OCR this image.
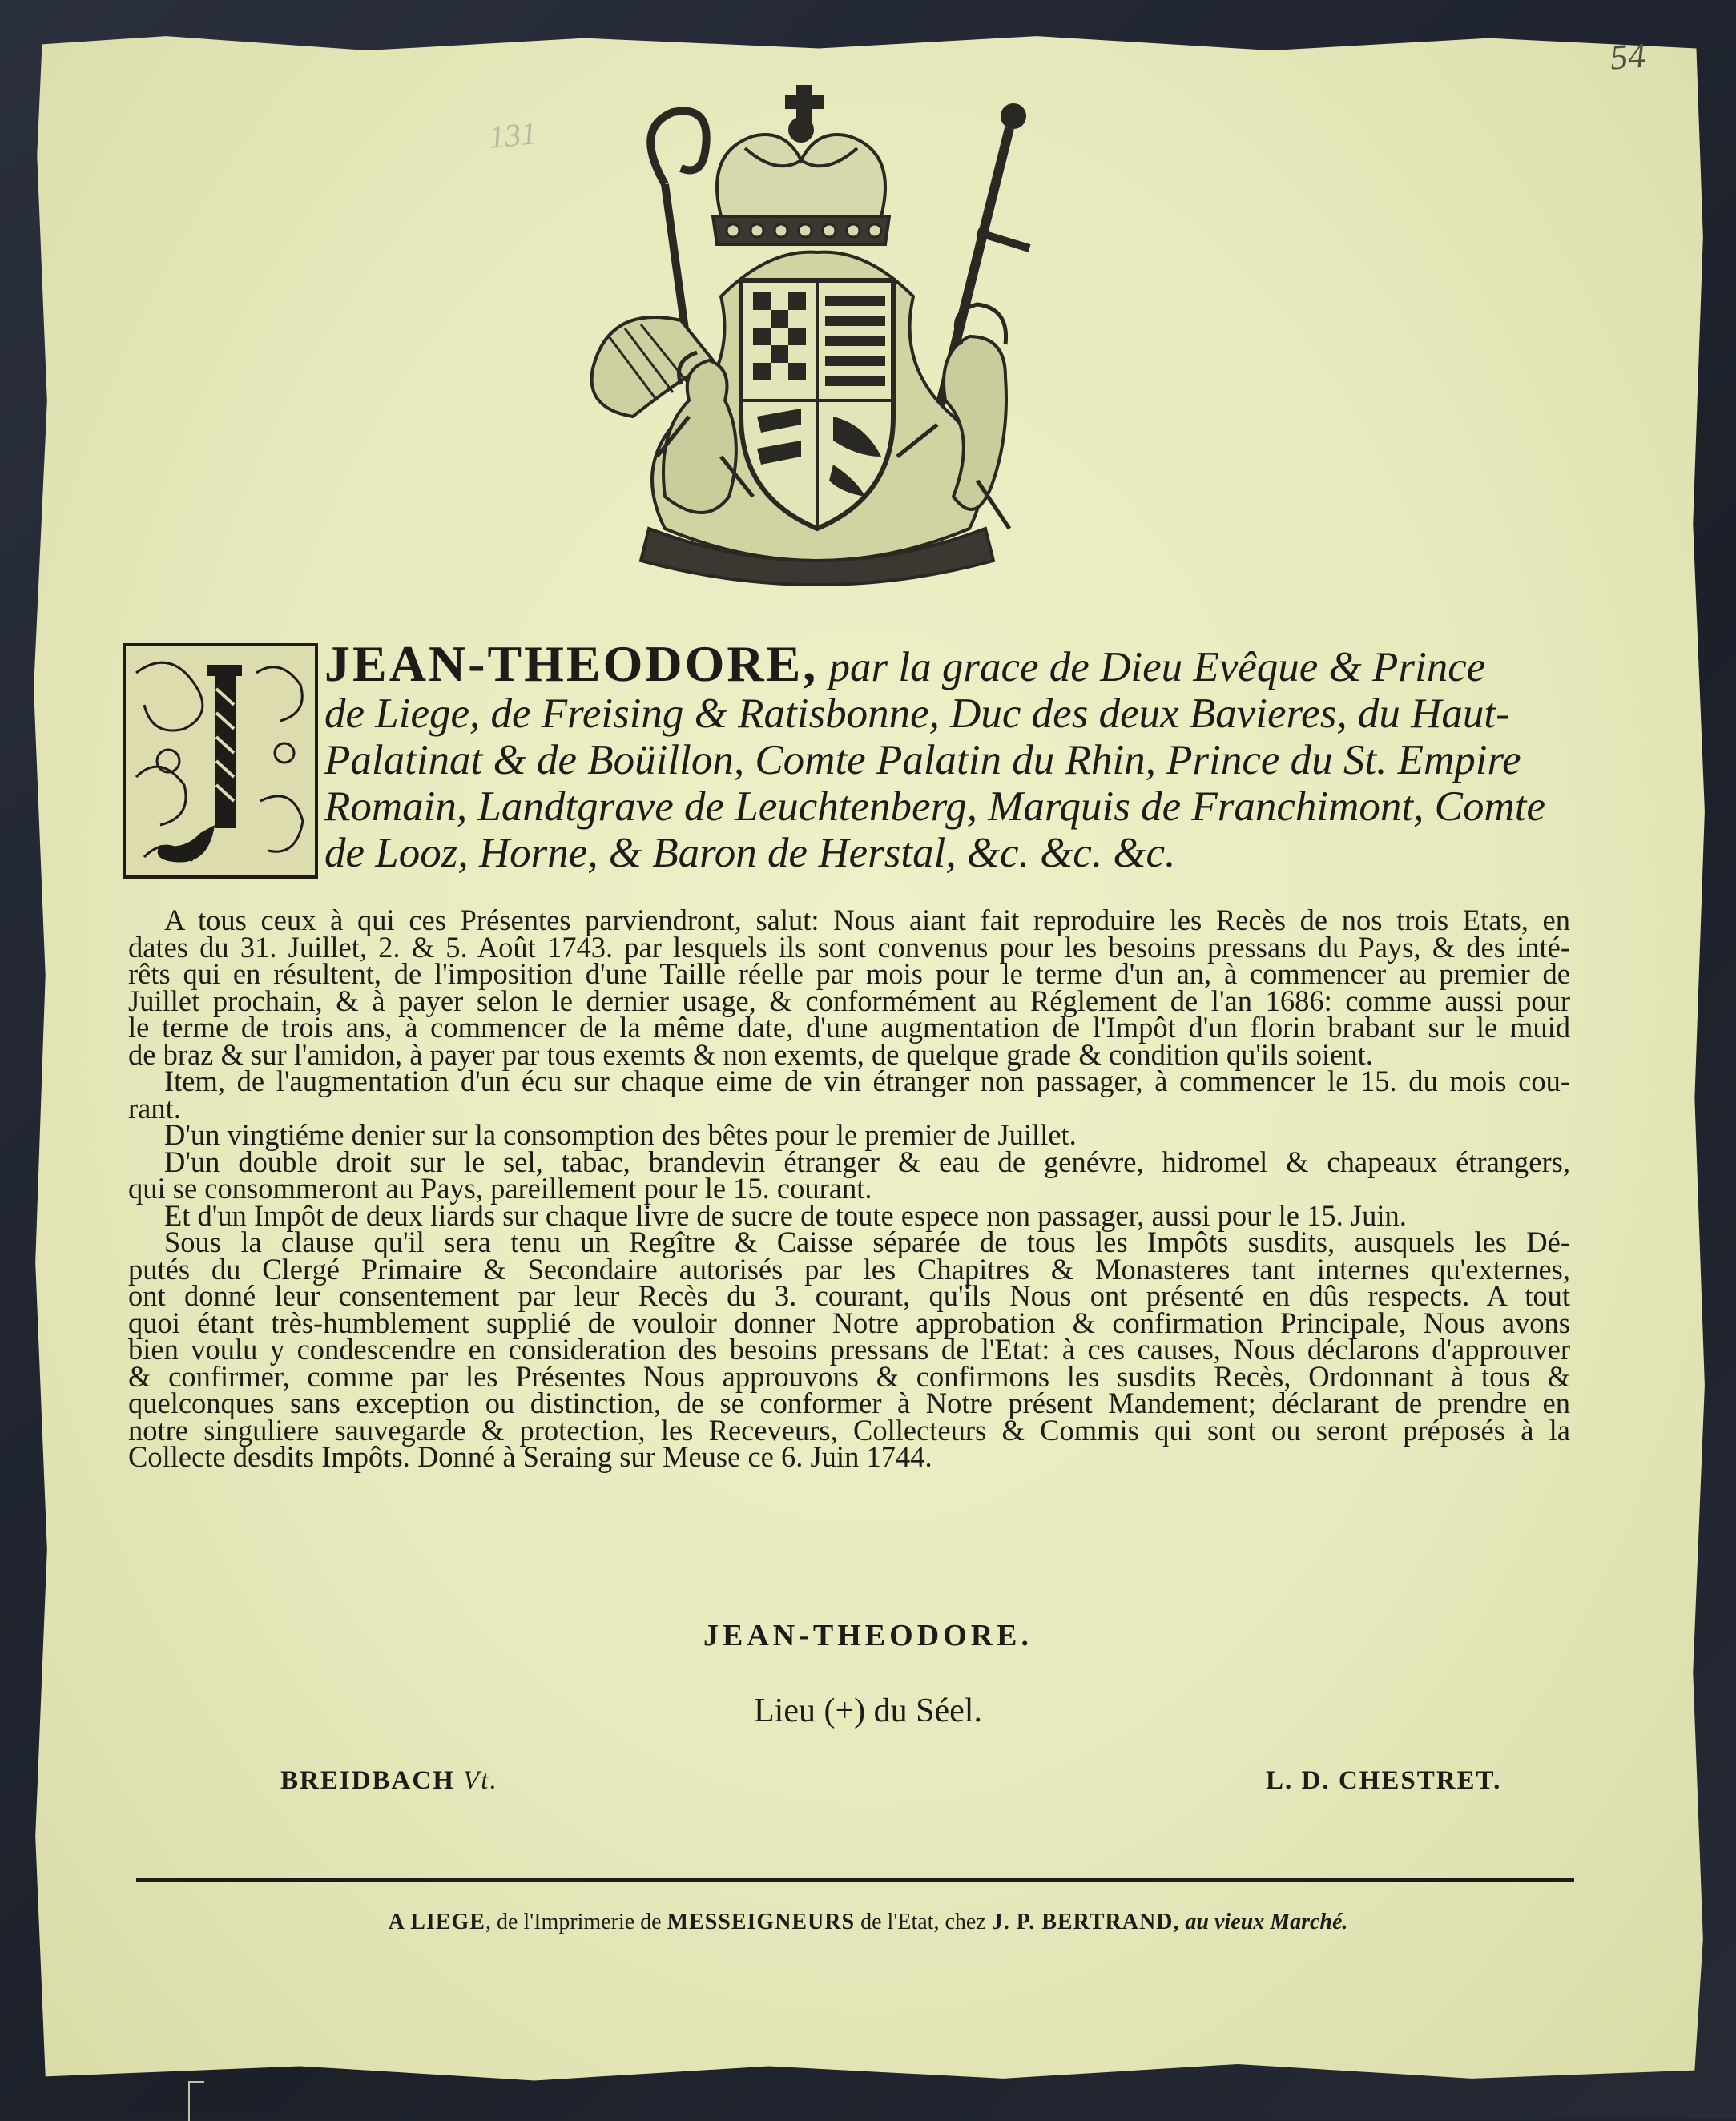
54
131
JEAN-THEODORE, par la grace de Dieu Evêque & Prince
de Liege, de Freising & Ratisbonne, Duc des deux Bavieres, du Haut-
Palatinat & de Boüillon, Comte Palatin du Rhin, Prince du St. Empire
Romain, Landtgrave de Leuchtenberg, Marquis de Franchimont, Comte
de Looz, Horne, & Baron de Herstal, &c. &c. &c.
A tous ceux à qui ces Présentes parviendront, salut: Nous aiant fait reproduire les Recès de nos trois Etats, en
dates du 31. Juillet, 2. & 5. Août 1743. par lesquels ils sont convenus pour les besoins pressans du Pays, & des inté-
rêts qui en résultent, de l'imposition d'une Taille réelle par mois pour le terme d'un an, à commencer au premier de
Juillet prochain, & à payer selon le dernier usage, & conformément au Réglement de l'an 1686: comme aussi pour
le terme de trois ans, à commencer de la même date, d'une augmentation de l'Impôt d'un florin brabant sur le muid
de braz & sur l'amidon, à payer par tous exemts & non exemts, de quelque grade & condition qu'ils soient.
Item, de l'augmentation d'un écu sur chaque eime de vin étranger non passager, à commencer le 15. du mois cou-
rant.
D'un vingtiéme denier sur la consomption des bêtes pour le premier de Juillet.
D'un double droit sur le sel, tabac, brandevin étranger & eau de genévre, hidromel & chapeaux étrangers,
qui se consommeront au Pays, pareillement pour le 15. courant.
Et d'un Impôt de deux liards sur chaque livre de sucre de toute espece non passager, aussi pour le 15. Juin.
Sous la clause qu'il sera tenu un Regître & Caisse séparée de tous les Impôts susdits, ausquels les Dé-
putés du Clergé Primaire & Secondaire autorisés par les Chapitres & Monasteres tant internes qu'externes,
ont donné leur consentement par leur Recès du 3. courant, qu'ils Nous ont présenté en dûs respects. A tout
quoi étant très-humblement supplié de vouloir donner Notre approbation & confirmation Principale, Nous avons
bien voulu y condescendre en consideration des besoins pressans de l'Etat: à ces causes, Nous déclarons d'approuver
& confirmer, comme par les Présentes Nous approuvons & confirmons les susdits Recès, Ordonnant à tous &
quelconques sans exception ou distinction, de se conformer à Notre présent Mandement; déclarant de prendre en
notre singuliere sauvegarde & protection, les Receveurs, Collecteurs & Commis qui sont ou seront préposés à la
Collecte desdits Impôts. Donné à Seraing sur Meuse ce 6. Juin 1744.
JEAN-THEODORE.
Lieu (+) du Séel.
BREIDBACH Vt.	L. D. CHESTRET.
A LIEGE, de l'Imprimerie de MESSEIGNEURS de l'Etat, chez J. P. BERTRAND, au vieux Marché.
